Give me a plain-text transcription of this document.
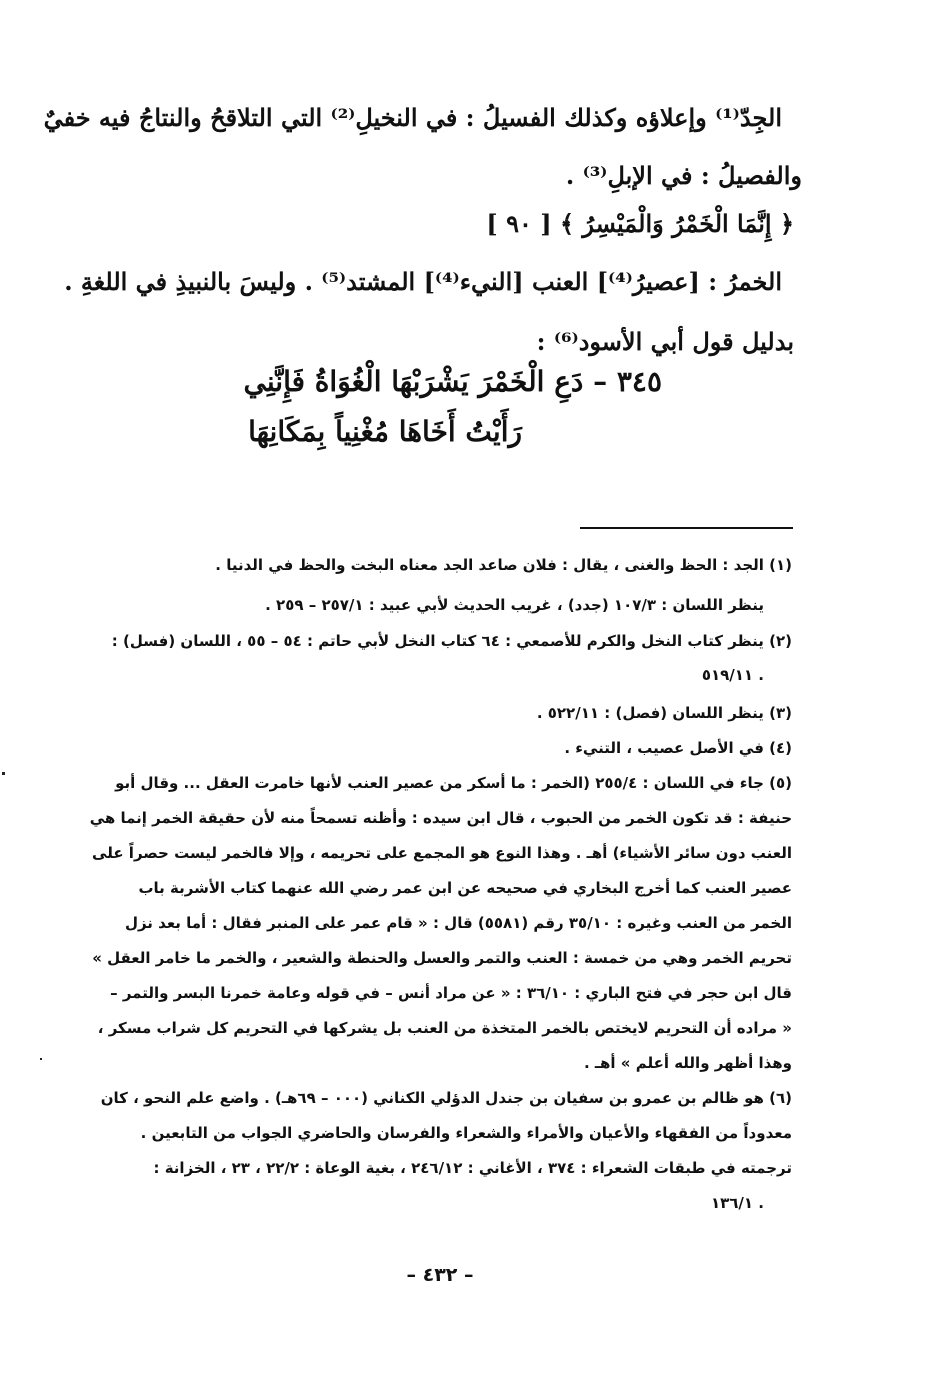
الجِدّ⁽¹⁾ وإعلاؤه وكذلك الفسيلُ : في النخيلِ⁽²⁾ التي التلاقحُ والنتاجُ فيه خفيٌ
والفصيلُ : في الإبلِ⁽³⁾ .
﴿ إِنَّمَا الْخَمْرُ وَالْمَيْسِرُ ﴾ [ ٩٠ ]
الخمرُ : [عصيرُ⁽⁴⁾] العنب [النيء⁽⁴⁾] المشتد⁽⁵⁾ . وليسَ بالنبيذِ في اللغةِ .
بدليل قول أبي الأسود⁽⁶⁾ :
٣٤٥ – دَعِ الْخَمْرَ يَشْرَبْهَا الْغُوَاةُ فَإِنَّنِي
رَأَيْتُ أَخَاهَا مُغْنِياً بِمَكَانِهَا
(١) الجد : الحظ والغنى ، يقال : فلان صاعد الجد معناه البخت والحظ في الدنيا .
ينظر اللسان : ١٠٧/٣ (جدد) ، غريب الحديث لأبي عبيد : ٢٥٧/١ – ٢٥٩ .
(٢) ينظر كتاب النخل والكرم للأصمعي : ٦٤ كتاب النخل لأبي حاتم : ٥٤ – ٥٥ ، اللسان (فسل) :
٥١٩/١١ .
(٣) ينظر اللسان (فصل) : ٥٢٢/١١ .
(٤) في الأصل عصيب ، التنيء .
(٥) جاء في اللسان : ٢٥٥/٤ (الخمر : ما أسكر من عصير العنب لأنها خامرت العقل ... وقال أبو
حنيفة : قد تكون الخمر من الحبوب ، قال ابن سيده : وأظنه تسمحاً منه لأن حقيقة الخمر إنما هي
العنب دون سائر الأشياء) أهـ . وهذا النوع هو المجمع على تحريمه ، وإلا فالخمر ليست حصراً على
عصير العنب كما أخرج البخاري في صحيحه عن ابن عمر رضي الله عنهما كتاب الأشربة باب
الخمر من العنب وغيره : ٣٥/١٠ رقم (٥٥٨١) قال : « قام عمر على المنبر فقال : أما بعد نزل
تحريم الخمر وهي من خمسة : العنب والتمر والعسل والحنطة والشعير ، والخمر ما خامر العقل »
قال ابن حجر في فتح الباري : ٣٦/١٠ : « عن مراد أنس – في قوله وعامة خمرنا البسر والتمر –
« مراده أن التحريم لايختص بالخمر المتخذة من العنب بل يشركها في التحريم كل شراب مسكر ،
وهذا أظهر والله أعلم » أهـ .
(٦) هو ظالم بن عمرو بن سفيان بن جندل الدؤلي الكناني (٠٠٠ – ٦٩هـ) . واضع علم النحو ، كان
معدوداً من الفقهاء والأعيان والأمراء والشعراء والفرسان والحاضري الجواب من التابعين .
ترجمته في طبقات الشعراء : ٣٧٤ ، الأغاني : ٢٤٦/١٢ ، بغية الوعاة : ٢٢/٢ ، ٢٣ ، الخزانة :
١٣٦/١ .
– ٤٣٢ –
